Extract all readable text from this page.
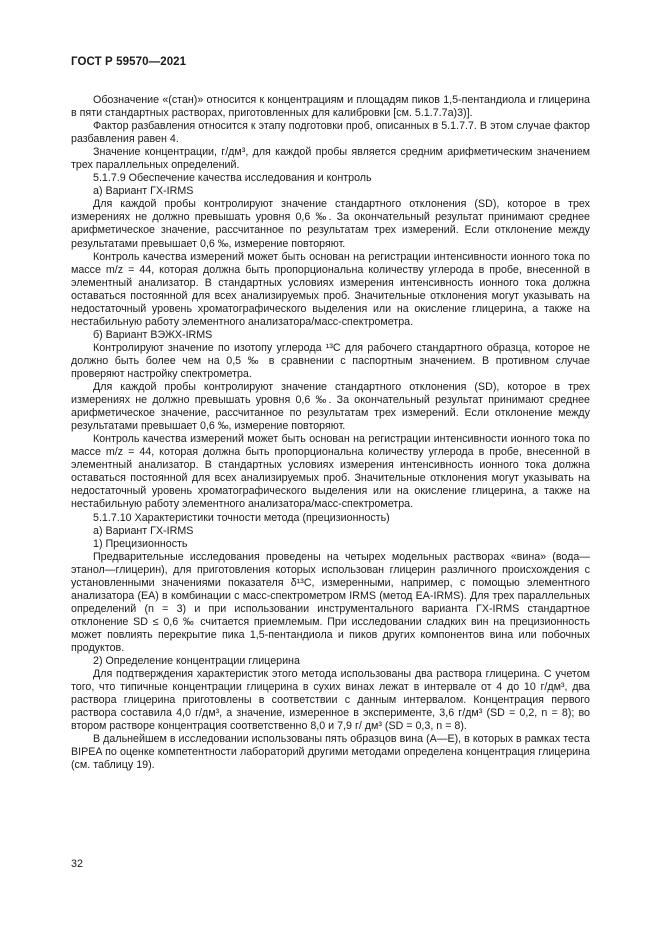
ГОСТ Р 59570—2021

Обозначение «(стан)» относится к концентрациям и площадям пиков 1,5-пентандиола и глицерина в пяти стандартных растворах, приготовленных для калибровки [см. 5.1.7.7а)3)].

Фактор разбавления относится к этапу подготовки проб, описанных в 5.1.7.7. В этом случае фактор разбавления равен 4.

Значение концентрации, г/дм³, для каждой пробы является средним арифметическим значением трех параллельных определений.

5.1.7.9 Обеспечение качества исследования и контроль

а) Вариант ГХ-IRMS

Для каждой пробы контролируют значение стандартного отклонения (SD), которое в трех измерениях не должно превышать уровня 0,6 ‰. За окончательный результат принимают среднее арифметическое значение, рассчитанное по результатам трех измерений. Если отклонение между результатами превышает 0,6 ‰, измерение повторяют.

Контроль качества измерений может быть основан на регистрации интенсивности ионного тока по массе m/z = 44, которая должна быть пропорциональна количеству углерода в пробе, внесенной в элементный анализатор. В стандартных условиях измерения интенсивность ионного тока должна оставаться постоянной для всех анализируемых проб. Значительные отклонения могут указывать на недостаточный уровень хроматографического выделения или на окисление глицерина, а также на нестабильную работу элементного анализатора/масс-спектрометра.

б) Вариант ВЭЖХ-IRMS

Контролируют значение по изотопу углерода ¹³С для рабочего стандартного образца, которое не должно быть более чем на 0,5 ‰ в сравнении с паспортным значением. В противном случае проверяют настройку спектрометра.

Для каждой пробы контролируют значение стандартного отклонения (SD), которое в трех измерениях не должно превышать уровня 0,6 ‰. За окончательный результат принимают среднее арифметическое значение, рассчитанное по результатам трех измерений. Если отклонение между результатами превышает 0,6 ‰, измерение повторяют.

Контроль качества измерений может быть основан на регистрации интенсивности ионного тока по массе m/z = 44, которая должна быть пропорциональна количеству углерода в пробе, внесенной в элементный анализатор. В стандартных условиях измерения интенсивность ионного тока должна оставаться постоянной для всех анализируемых проб. Значительные отклонения могут указывать на недостаточный уровень хроматографического выделения или на окисление глицерина, а также на нестабильную работу элементного анализатора/масс-спектрометра.

5.1.7.10 Характеристики точности метода (прецизионность)

а) Вариант ГХ-IRMS

1) Прецизионность

Предварительные исследования проведены на четырех модельных растворах «вина» (вода—этанол—глицерин), для приготовления которых использован глицерин различного происхождения с установленными значениями показателя δ¹³С, измеренными, например, с помощью элементного анализатора (ЕА) в комбинации с масс-спектрометром IRMS (метод EA-IRMS). Для трех параллельных определений (n = 3) и при использовании инструментального варианта ГХ-IRMS стандартное отклонение SD ≤ 0,6 ‰ считается приемлемым. При исследовании сладких вин на прецизионность может повлиять перекрытие пика 1,5-пентандиола и пиков других компонентов вина или побочных продуктов.

2) Определение концентрации глицерина

Для подтверждения характеристик этого метода использованы два раствора глицерина. С учетом того, что типичные концентрации глицерина в сухих винах лежат в интервале от 4 до 10 г/дм³, два раствора глицерина приготовлены в соответствии с данным интервалом. Концентрация первого раствора составила 4,0 г/дм³, а значение, измеренное в эксперименте, 3,6 г/дм³ (SD = 0,2, n = 8); во втором растворе концентрация соответственно 8,0 и 7,9 г/ дм³ (SD = 0,3, n = 8).

В дальнейшем в исследовании использованы пять образцов вина (А—Е), в которых в рамках теста BIPEA по оценке компетентности лабораторий другими методами определена концентрация глицерина (см. таблицу 19).

32
